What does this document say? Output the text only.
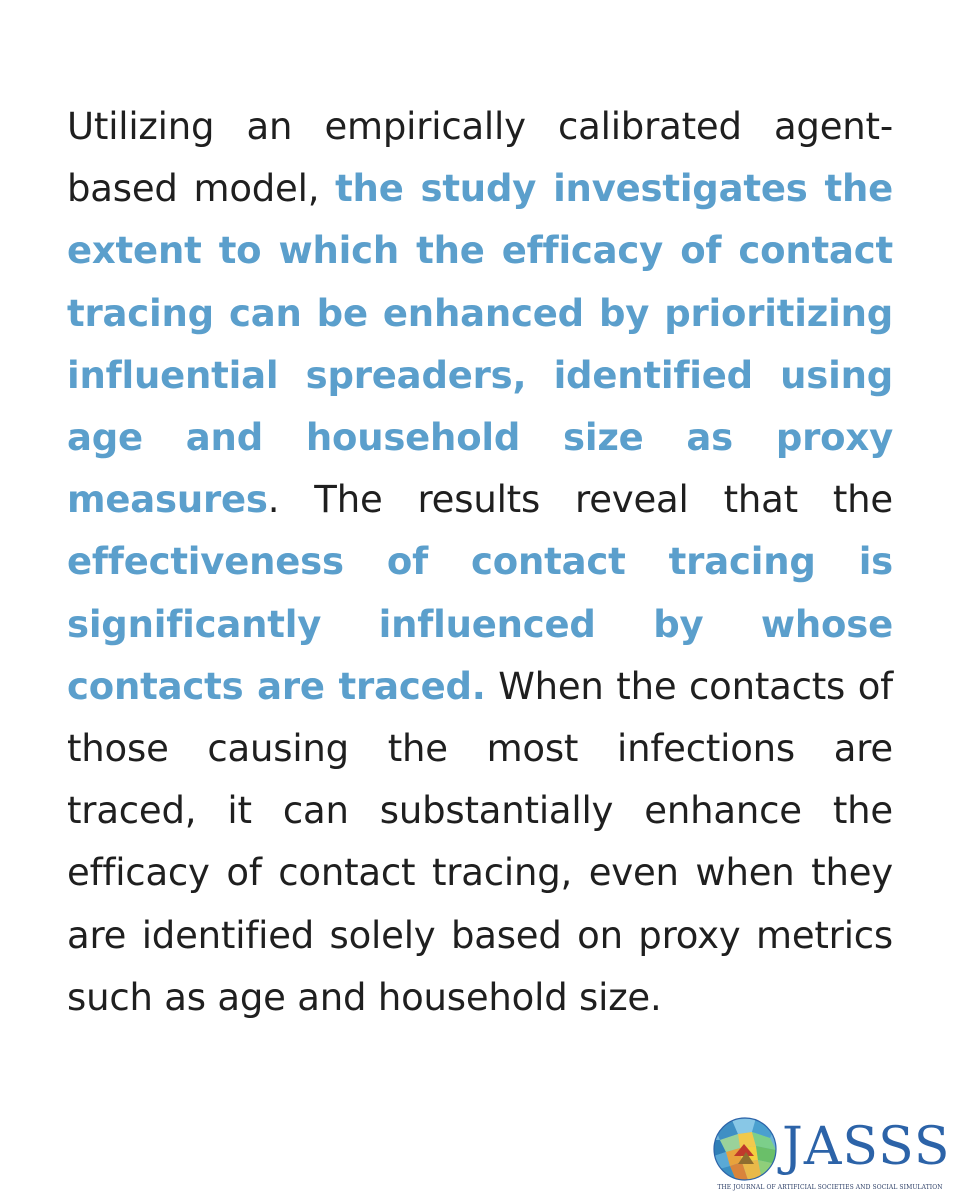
Utilizing an empirically calibrated agent-based model, the study investigates the extent to which the efficacy of contact tracing can be enhanced by prioritizing influential spreaders, identified using age and household size as proxy measures. The results reveal that the effectiveness of contact tracing is significantly influenced by whose contacts are traced. When the contacts of those causing the most infections are traced, it can substantially enhance the efficacy of contact tracing, even when they are identified solely based on proxy metrics such as age and household size.

JASSS
THE JOURNAL OF ARTIFICIAL SOCIETIES AND SOCIAL SIMULATION
